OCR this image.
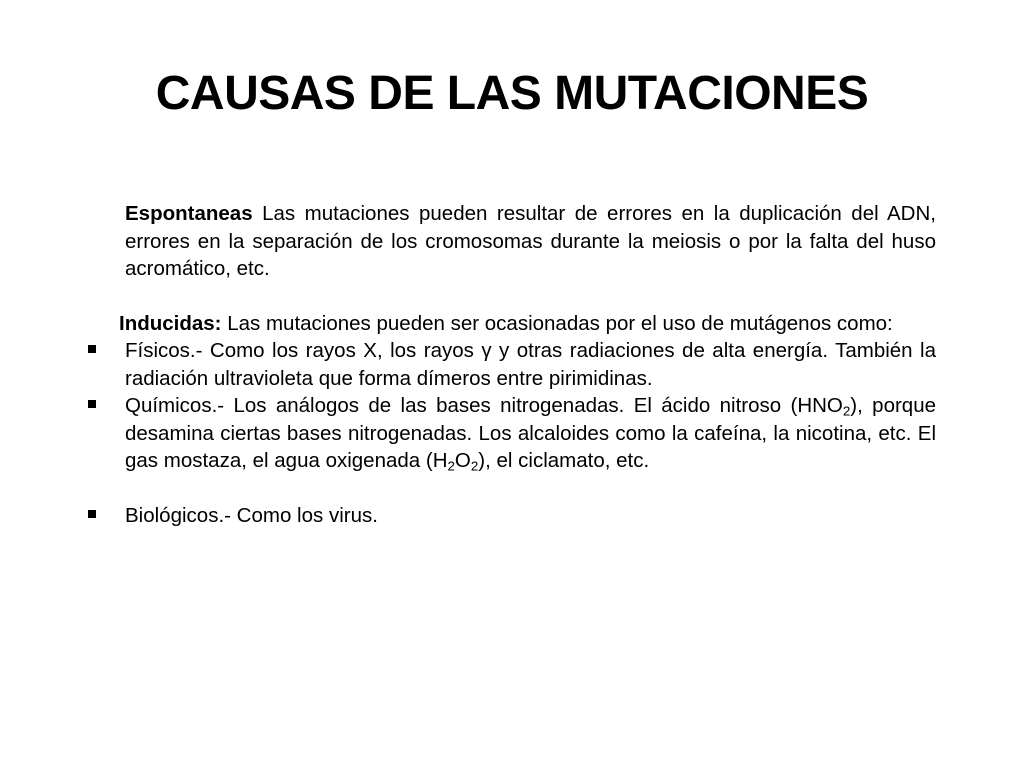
CAUSAS DE LAS MUTACIONES

Espontaneas Las mutaciones pueden resultar de errores en la duplicación del ADN, errores en la separación de los cromosomas durante la meiosis o por la falta del huso acromático, etc.

Inducidas: Las mutaciones pueden ser ocasionadas por el uso de mutágenos como:

Físicos.- Como los rayos X, los rayos γ y otras radiaciones de alta energía. También la radiación ultravioleta que forma dímeros entre pirimidinas.
Químicos.- Los análogos de las bases nitrogenadas. El ácido nitroso $(HNO_2)$, porque desamina ciertas bases nitrogenadas. Los alcaloides como la cafeína, la nicotina, etc. El gas mostaza, el agua oxigenada $(H_2O_2)$, el ciclamato, etc.
Biológicos.- Como los virus.
